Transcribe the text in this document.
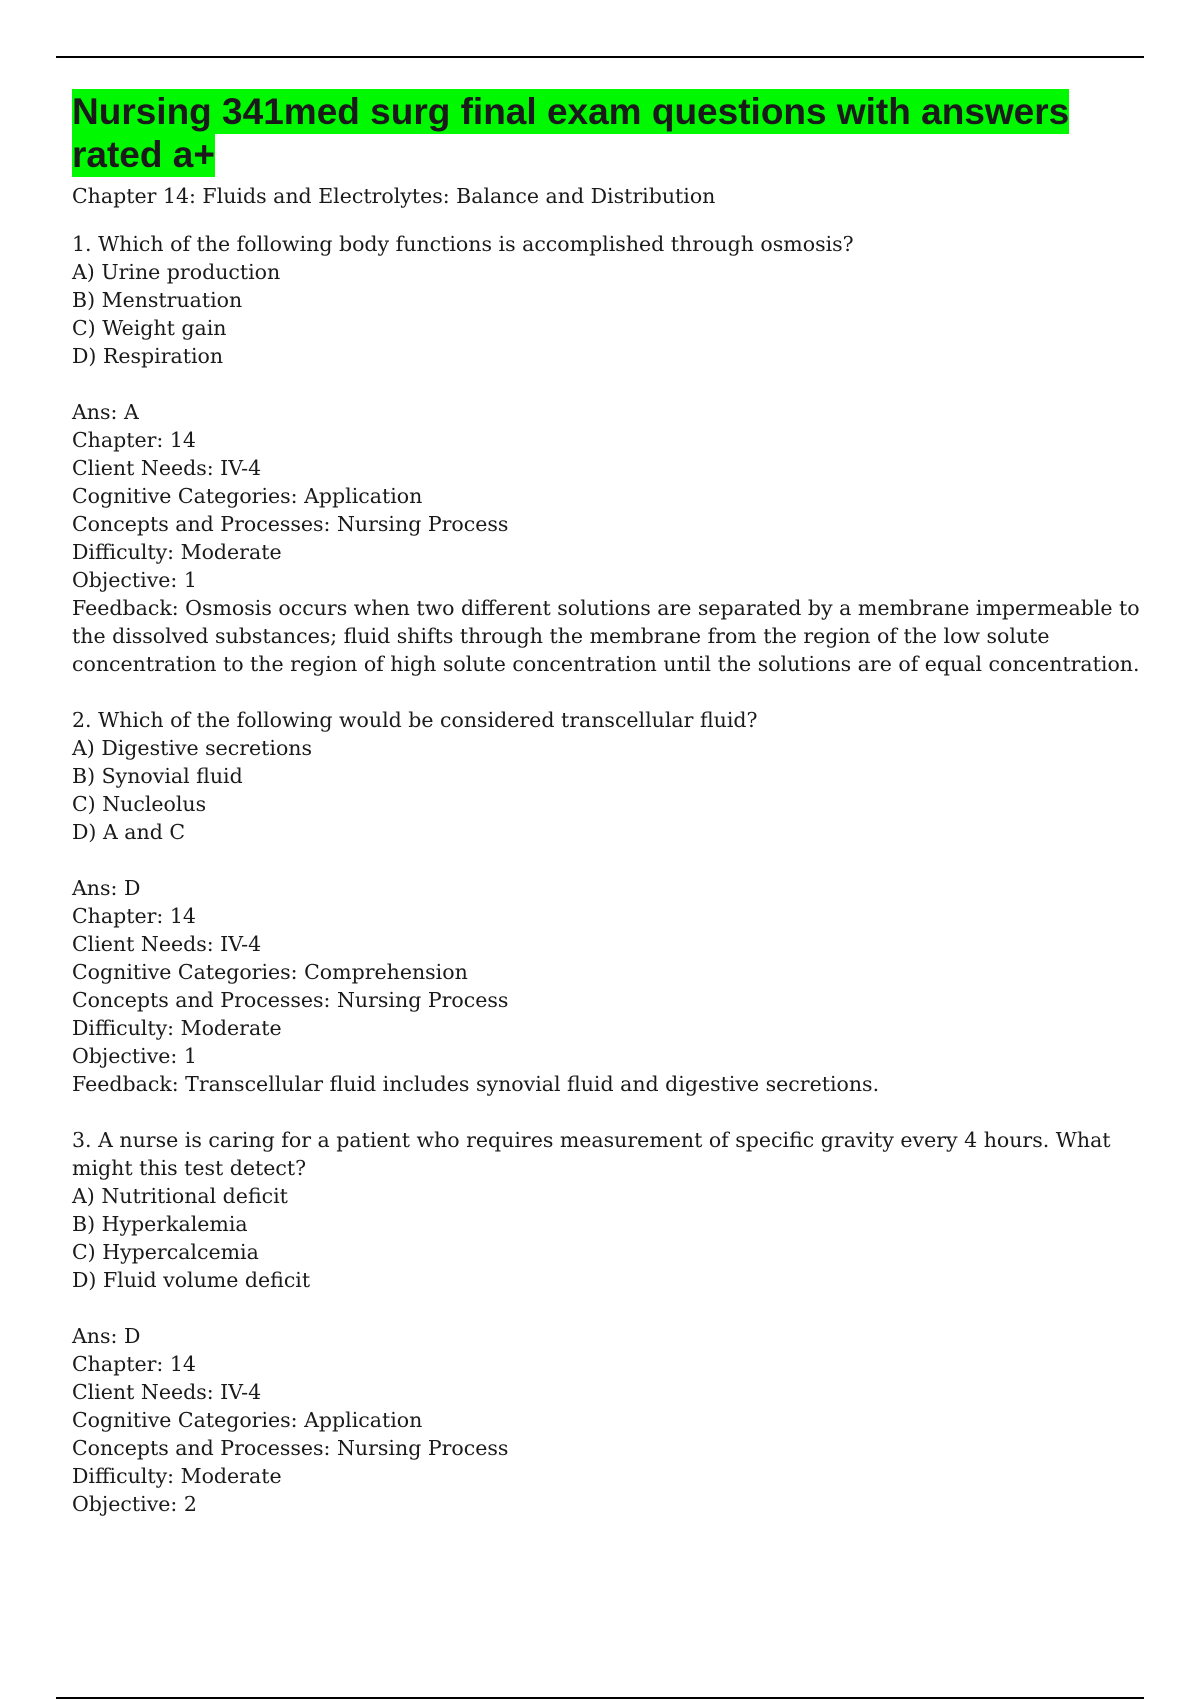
Nursing 341med surg final exam questions with answers rated a+
Chapter 14: Fluids and Electrolytes: Balance and Distribution
1. Which of the following body functions is accomplished through osmosis?
A) Urine production
B) Menstruation
C) Weight gain
D) Respiration
Ans: A
Chapter: 14
Client Needs: IV-4
Cognitive Categories: Application
Concepts and Processes: Nursing Process
Difficulty: Moderate
Objective: 1
Feedback: Osmosis occurs when two different solutions are separated by a membrane impermeable to the dissolved substances; fluid shifts through the membrane from the region of the low solute concentration to the region of high solute concentration until the solutions are of equal concentration.
2. Which of the following would be considered transcellular fluid?
A) Digestive secretions
B) Synovial fluid
C) Nucleolus
D) A and C
Ans: D
Chapter: 14
Client Needs: IV-4
Cognitive Categories: Comprehension
Concepts and Processes: Nursing Process
Difficulty: Moderate
Objective: 1
Feedback: Transcellular fluid includes synovial fluid and digestive secretions.
3. A nurse is caring for a patient who requires measurement of specific gravity every 4 hours. What might this test detect?
A) Nutritional deficit
B) Hyperkalemia
C) Hypercalcemia
D) Fluid volume deficit
Ans: D
Chapter: 14
Client Needs: IV-4
Cognitive Categories: Application
Concepts and Processes: Nursing Process
Difficulty: Moderate
Objective: 2
